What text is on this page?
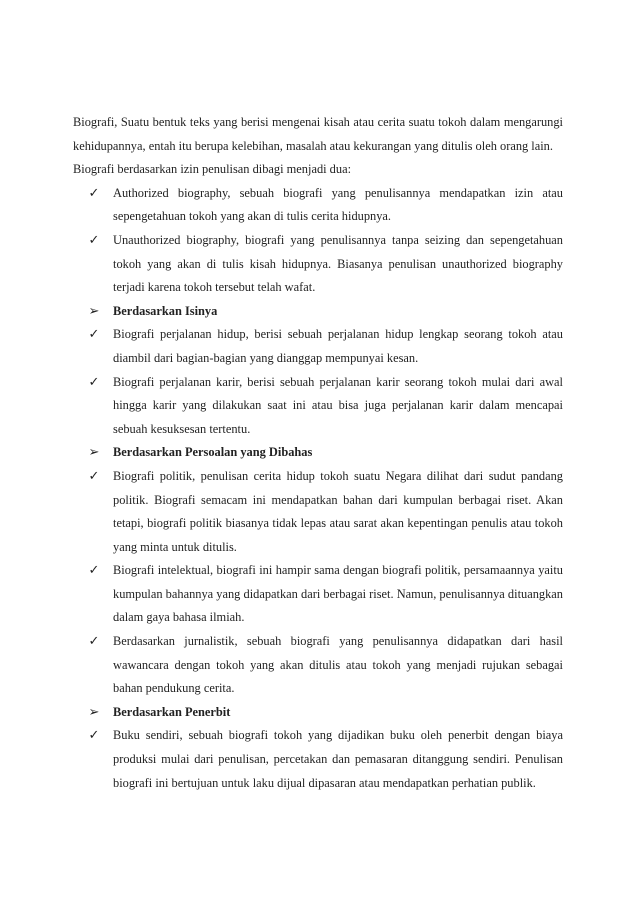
Biografi, Suatu bentuk teks yang berisi mengenai kisah atau cerita suatu tokoh dalam mengarungi kehidupannya, entah itu berupa kelebihan, masalah atau kekurangan yang ditulis oleh orang lain.

Biografi berdasarkan izin penulisan dibagi menjadi dua:

✓ Authorized biography, sebuah biografi yang penulisannya mendapatkan izin atau sepengetahuan tokoh yang akan di tulis cerita hidupnya.
✓ Unauthorized biography, biografi yang penulisannya tanpa seizing dan sepengetahuan tokoh yang akan di tulis kisah hidupnya. Biasanya penulisan unauthorized biography terjadi karena tokoh tersebut telah wafat.
➢ Berdasarkan Isinya
✓ Biografi perjalanan hidup, berisi sebuah perjalanan hidup lengkap seorang tokoh atau diambil dari bagian-bagian yang dianggap mempunyai kesan.
✓ Biografi perjalanan karir, berisi sebuah perjalanan karir seorang tokoh mulai dari awal hingga karir yang dilakukan saat ini atau bisa juga perjalanan karir dalam mencapai sebuah kesuksesan tertentu.
➢ Berdasarkan Persoalan yang Dibahas
✓ Biografi politik, penulisan cerita hidup tokoh suatu Negara dilihat dari sudut pandang politik. Biografi semacam ini mendapatkan bahan dari kumpulan berbagai riset. Akan tetapi, biografi politik biasanya tidak lepas atau sarat akan kepentingan penulis atau tokoh yang minta untuk ditulis.
✓ Biografi intelektual, biografi ini hampir sama dengan biografi politik, persamaannya yaitu kumpulan bahannya yang didapatkan dari berbagai riset. Namun, penulisannya dituangkan dalam gaya bahasa ilmiah.
✓ Berdasarkan jurnalistik, sebuah biografi yang penulisannya didapatkan dari hasil wawancara dengan tokoh yang akan ditulis atau tokoh yang menjadi rujukan sebagai bahan pendukung cerita.
➢ Berdasarkan Penerbit
✓ Buku sendiri, sebuah biografi tokoh yang dijadikan buku oleh penerbit dengan biaya produksi mulai dari penulisan, percetakan dan pemasaran ditanggung sendiri. Penulisan biografi ini bertujuan untuk laku dijual dipasaran atau mendapatkan perhatian publik.
